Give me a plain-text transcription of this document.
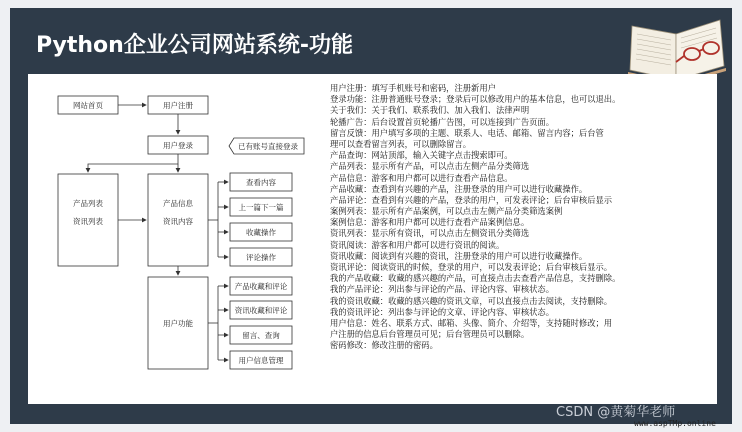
Python企业公司网站系统-功能
网站首页	用户注册
用户登录	已有账号直接登录
产品列表
资讯列表
产品信息
资讯内容
查看内容
上一篇下一篇
收藏操作
评论操作
用户功能
产品收藏和评论
资讯收藏和评论
留言、查询
用户信息管理
用户注册：填写手机账号和密码，注册新用户
登录功能：注册普通账号登录；登录后可以修改用户的基本信息，也可以退出。
关于我们：关于我们、联系我们、加入我们、法律声明
轮播广告：后台设置首页轮播广告图，可以连接到广告页面。
留言反馈：用户填写多项的主题、联系人、电话、邮箱、留言内容；后台管
理可以查看留言列表，可以删除留言。
产品查询：网站顶部，输入关键字点击搜索即可。
产品列表：显示所有产品，可以点击左侧产品分类筛选
产品信息：游客和用户都可以进行查看产品信息。
产品收藏：查看到有兴趣的产品，注册登录的用户可以进行收藏操作。
产品评论：查看到有兴趣的产品，登录的用户，可发表评论；后台审核后显示
案例列表：显示所有产品案例，可以点击左侧产品分类筛选案例
案例信息：游客和用户都可以进行查看产品案例信息。
资讯列表：显示所有资讯，可以点击左侧资讯分类筛选
资讯阅读：游客和用户都可以进行资讯的阅读。
资讯收藏：阅读到有兴趣的资讯，注册登录的用户可以进行收藏操作。
资讯评论：阅读资讯的时候，登录的用户，可以发表评论；后台审核后显示。
我的产品收藏：收藏的感兴趣的产品，可直接点击去查看产品信息，支持删除。
我的产品评论：列出参与评论的产品、评论内容、审核状态。
我的资讯收藏：收藏的感兴趣的资讯文章，可以直接点击去阅读，支持删除。
我的资讯评论：列出参与评论的文章、评论内容、审核状态。
用户信息：姓名、联系方式、邮箱、头像、简介、介绍等，支持随时修改；用
户注册的信息后台管理员可见；后台管理员可以删除。
密码修改：修改注册的密码。
CSDN @黄菊华老师
www.aspTMp.online
